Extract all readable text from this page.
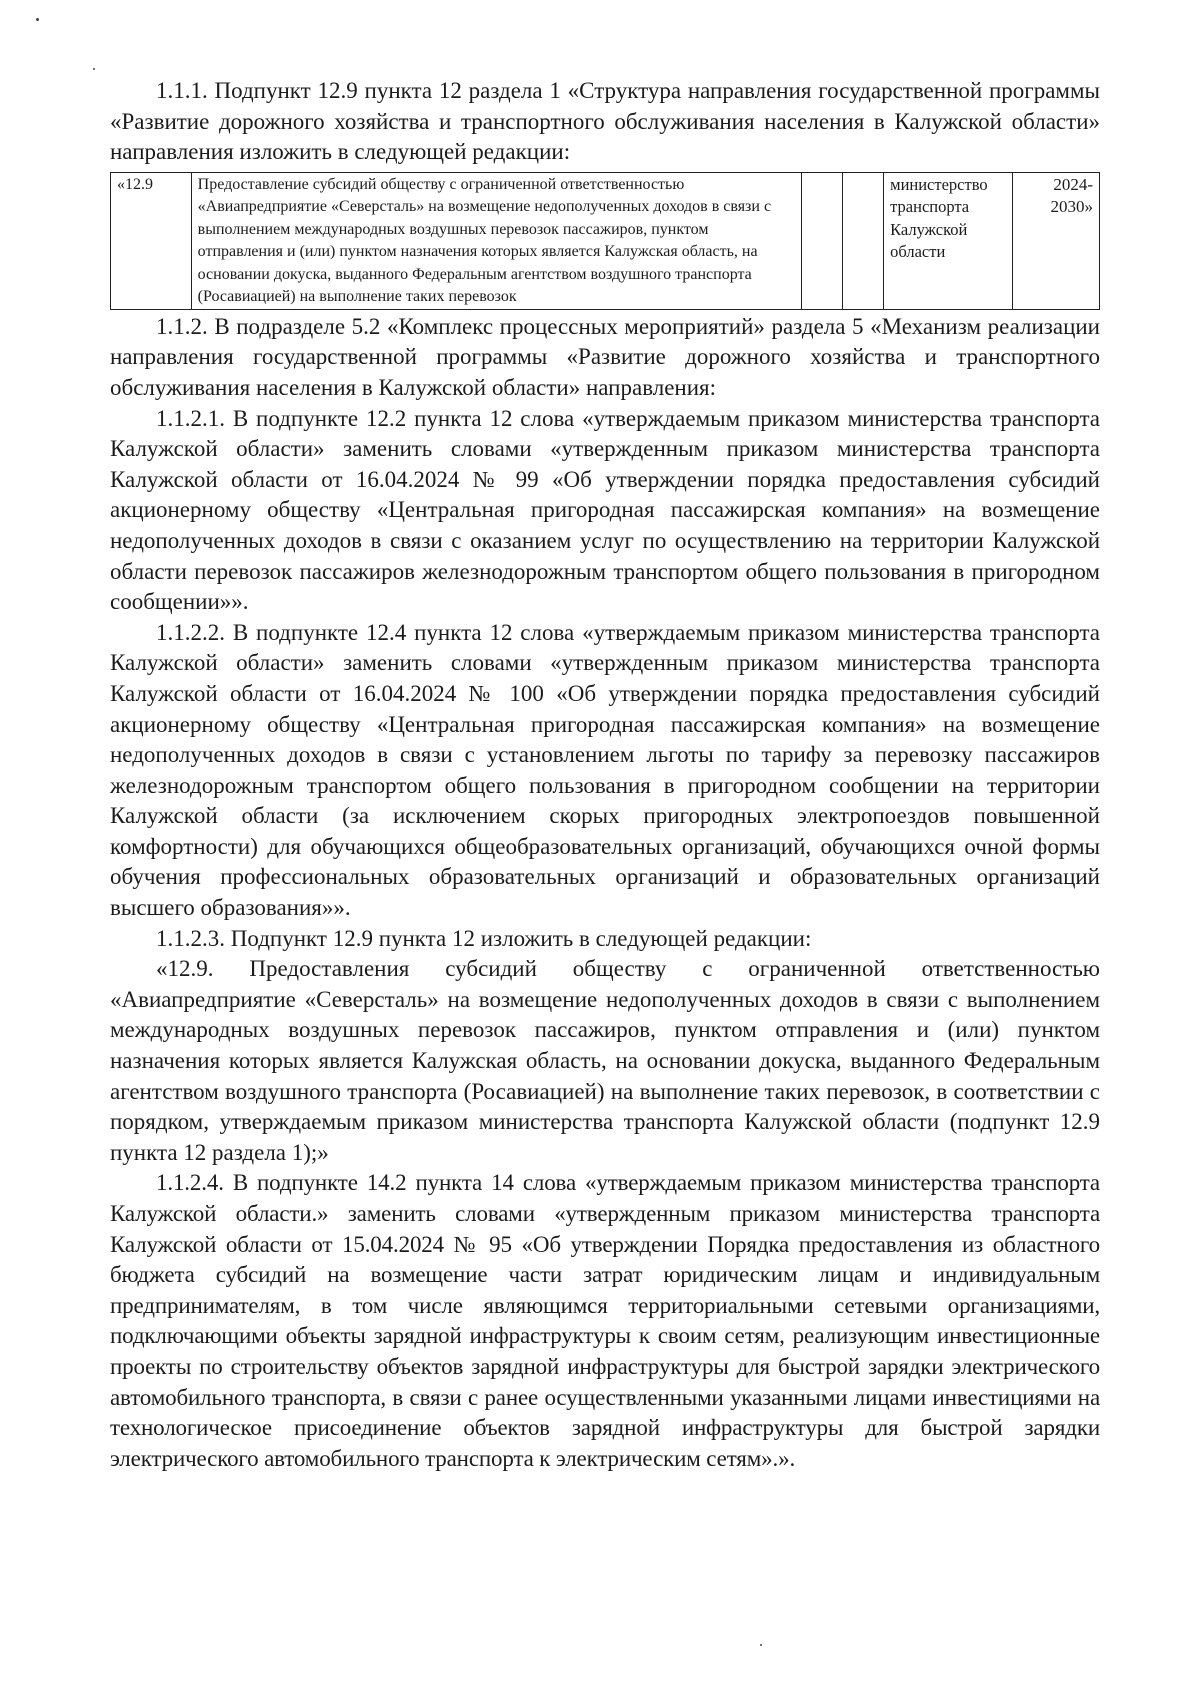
1.1.1. Подпункт 12.9 пункта 12 раздела 1 «Структура направления государственной программы «Развитие дорожного хозяйства и транспортного обслуживания населения в Калужской области» направления изложить в следующей редакции:

«12.9	Предоставление субсидий обществу с ограниченной ответственностью «Авиапредприятие «Северсталь» на возмещение недополученных доходов в связи с выполнением международных воздушных перевозок пассажиров, пунктом отправления и (или) пунктом назначения которых является Калужская область, на основании докуска, выданного Федеральным агентством воздушного транспорта (Росавиацией) на выполнение таких перевозок			министерство транспорта Калужской области	2024-2030»

1.1.2. В подразделе 5.2 «Комплекс процессных мероприятий» раздела 5 «Механизм реализации направления государственной программы «Развитие дорожного хозяйства и транспортного обслуживания населения в Калужской области» направления:

1.1.2.1. В подпункте 12.2 пункта 12 слова «утверждаемым приказом министерства транспорта Калужской области» заменить словами «утвержденным приказом министерства транспорта Калужской области от 16.04.2024 № 99 «Об утверждении порядка предоставления субсидий акционерному обществу «Центральная пригородная пассажирская компания» на возмещение недополученных доходов в связи с оказанием услуг по осуществлению на территории Калужской области перевозок пассажиров железнодорожным транспортом общего пользования в пригородном сообщении»».

1.1.2.2. В подпункте 12.4 пункта 12 слова «утверждаемым приказом министерства транспорта Калужской области» заменить словами «утвержденным приказом министерства транспорта Калужской области от 16.04.2024 № 100 «Об утверждении порядка предоставления субсидий акционерному обществу «Центральная пригородная пассажирская компания» на возмещение недополученных доходов в связи с установлением льготы по тарифу за перевозку пассажиров железнодорожным транспортом общего пользования в пригородном сообщении на территории Калужской области (за исключением скорых пригородных электропоездов повышенной комфортности) для обучающихся общеобразовательных организаций, обучающихся очной формы обучения профессиональных образовательных организаций и образовательных организаций высшего образования»».

1.1.2.3. Подпункт 12.9 пункта 12 изложить в следующей редакции:

«12.9. Предоставления субсидий обществу с ограниченной ответственностью «Авиапредприятие «Северсталь» на возмещение недополученных доходов в связи с выполнением международных воздушных перевозок пассажиров, пунктом отправления и (или) пунктом назначения которых является Калужская область, на основании докуска, выданного Федеральным агентством воздушного транспорта (Росавиацией) на выполнение таких перевозок, в соответствии с порядком, утверждаемым приказом министерства транспорта Калужской области (подпункт 12.9 пункта 12 раздела 1);»

1.1.2.4. В подпункте 14.2 пункта 14 слова «утверждаемым приказом министерства транспорта Калужской области.» заменить словами «утвержденным приказом министерства транспорта Калужской области от 15.04.2024 № 95 «Об утверждении Порядка предоставления из областного бюджета субсидий на возмещение части затрат юридическим лицам и индивидуальным предпринимателям, в том числе являющимся территориальными сетевыми организациями, подключающими объекты зарядной инфраструктуры к своим сетям, реализующим инвестиционные проекты по строительству объектов зарядной инфраструктуры для быстрой зарядки электрического автомобильного транспорта, в связи с ранее осуществленными указанными лицами инвестициями на технологическое присоединение объектов зарядной инфраструктуры для быстрой зарядки электрического автомобильного транспорта к электрическим сетям».».
